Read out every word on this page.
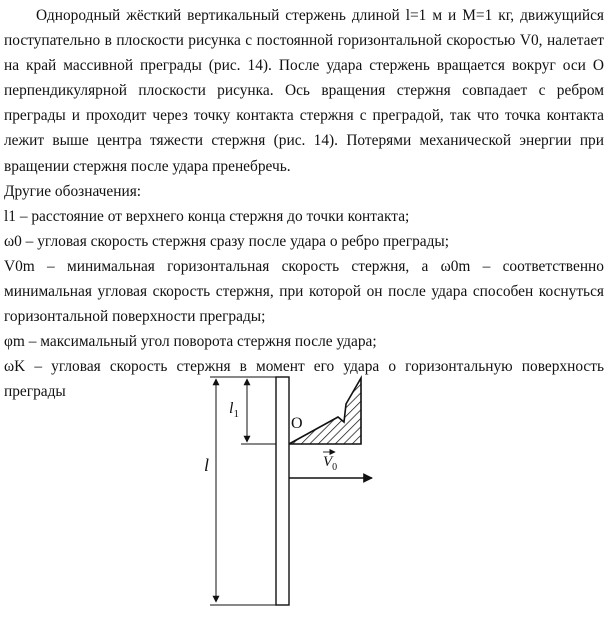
Однородный жёсткий вертикальный стержень длиной l=1 м и M=1 кг, движущийся поступательно в плоскости рисунка с постоянной горизонтальной скоростью V0, налетает на край массивной преграды (рис. 14). После удара стержень вращается вокруг оси O перпендикулярной плоскости рисунка. Ось вращения стержня совпадает с ребром преграды и проходит через точку контакта стержня с преградой, так что точка контакта лежит выше центра тяжести стержня (рис. 14). Потерями механической энергии при вращении стержня после удара пренебречь.

Другие обозначения:

l1 – расстояние от верхнего конца стержня до точки контакта;

ω0 – угловая скорость стержня сразу после удара о ребро преграды;

V0m – минимальная горизонтальная скорость стержня, а ω0m – соответственно минимальная угловая скорость стержня, при которой он после удара способен коснуться горизонтальной поверхности преграды;

φm – максимальный угол поворота стержня после удара;

ωK – угловая скорость стержня в момент его удара о горизонтальную поверхность преграды

l
$l_1$
O
$V_0$
